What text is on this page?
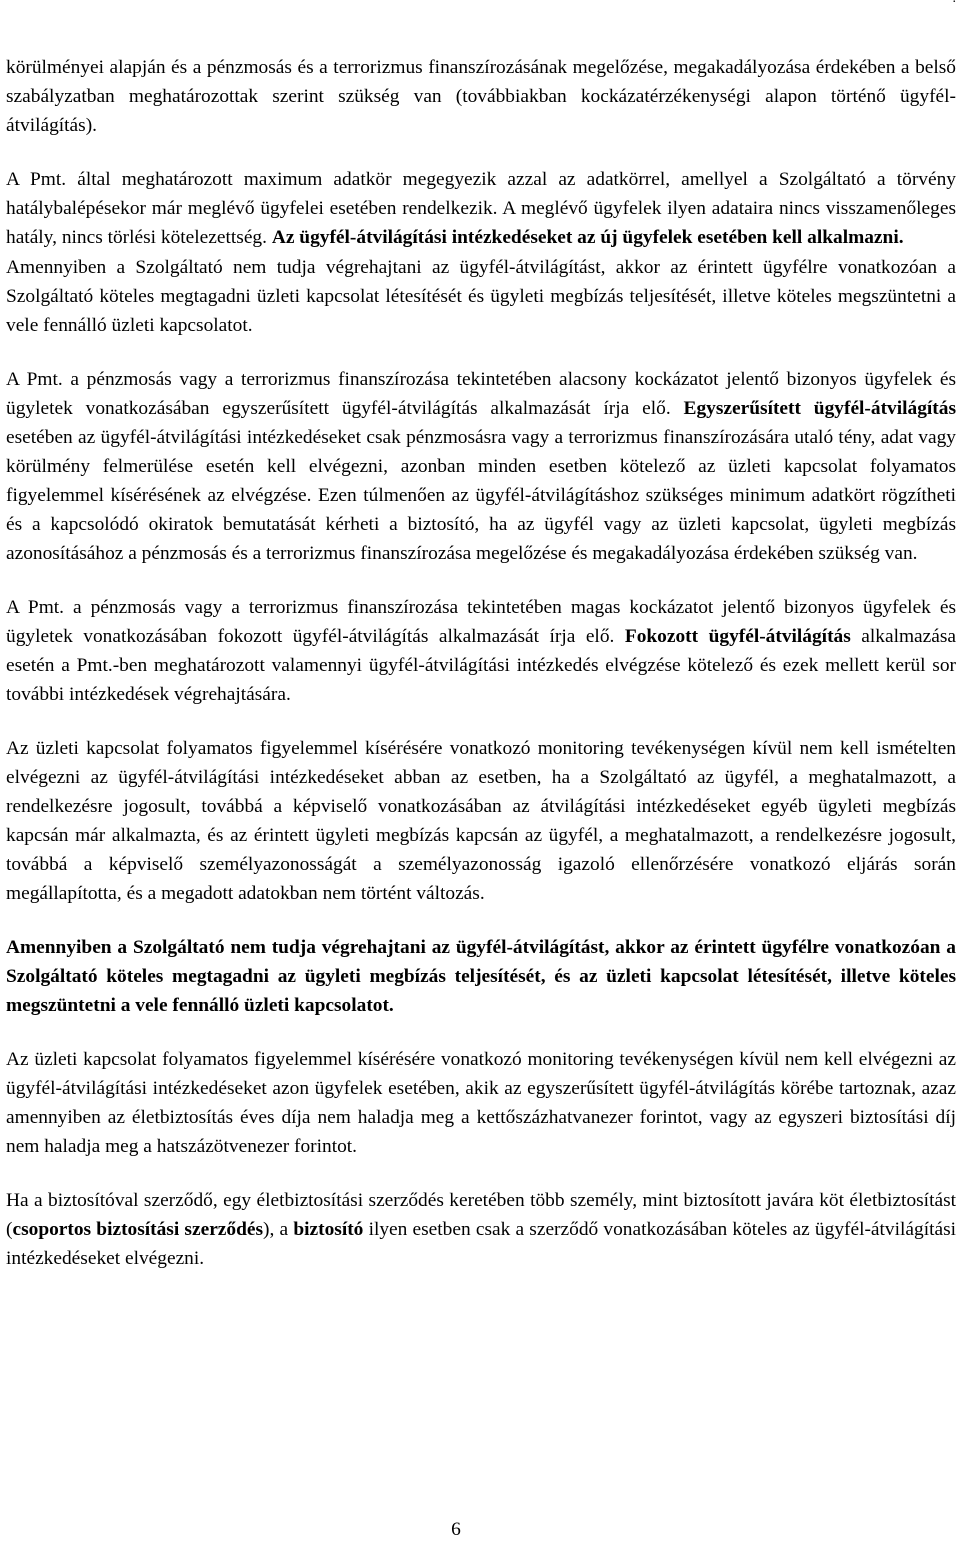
körülményei alapján és a pénzmosás és a terrorizmus finanszírozásának megelőzése, megakadályozása érdekében a belső szabályzatban meghatározottak szerint szükség van (továbbiakban kockázatérzékenységi alapon történő ügyfél-átvilágítás).

A Pmt. által meghatározott maximum adatkör megegyezik azzal az adatkörrel, amellyel a Szolgáltató a törvény hatálybalépésekor már meglévő ügyfelei esetében rendelkezik. A meglévő ügyfelek ilyen adataira nincs visszamenőleges hatály, nincs törlési kötelezettség. Az ügyfél-átvilágítási intézkedéseket az új ügyfelek esetében kell alkalmazni.

Amennyiben a Szolgáltató nem tudja végrehajtani az ügyfél-átvilágítást, akkor az érintett ügyfélre vonatkozóan a Szolgáltató köteles megtagadni üzleti kapcsolat létesítését és ügyleti megbízás teljesítését, illetve köteles megszüntetni a vele fennálló üzleti kapcsolatot.

A Pmt. a pénzmosás vagy a terrorizmus finanszírozása tekintetében alacsony kockázatot jelentő bizonyos ügyfelek és ügyletek vonatkozásában egyszerűsített ügyfél-átvilágítás alkalmazását írja elő. Egyszerűsített ügyfél-átvilágítás esetében az ügyfél-átvilágítási intézkedéseket csak pénzmosásra vagy a terrorizmus finanszírozására utaló tény, adat vagy körülmény felmerülése esetén kell elvégezni, azonban minden esetben kötelező az üzleti kapcsolat folyamatos figyelemmel kísérésének az elvégzése. Ezen túlmenően az ügyfél-átvilágításhoz szükséges minimum adatkört rögzítheti és a kapcsolódó okiratok bemutatását kérheti a biztosító, ha az ügyfél vagy az üzleti kapcsolat, ügyleti megbízás azonosításához a pénzmosás és a terrorizmus finanszírozása megelőzése és megakadályozása érdekében szükség van.

A Pmt. a pénzmosás vagy a terrorizmus finanszírozása tekintetében magas kockázatot jelentő bizonyos ügyfelek és ügyletek vonatkozásában fokozott ügyfél-átvilágítás alkalmazását írja elő. Fokozott ügyfél-átvilágítás alkalmazása esetén a Pmt.-ben meghatározott valamennyi ügyfél-átvilágítási intézkedés elvégzése kötelező és ezek mellett kerül sor további intézkedések végrehajtására.

Az üzleti kapcsolat folyamatos figyelemmel kísérésére vonatkozó monitoring tevékenységen kívül nem kell ismételten elvégezni az ügyfél-átvilágítási intézkedéseket abban az esetben, ha a Szolgáltató az ügyfél, a meghatalmazott, a rendelkezésre jogosult, továbbá a képviselő vonatkozásában az átvilágítási intézkedéseket egyéb ügyleti megbízás kapcsán már alkalmazta, és az érintett ügyleti megbízás kapcsán az ügyfél, a meghatalmazott, a rendelkezésre jogosult, továbbá a képviselő személyazonosságát a személyazonosság igazoló ellenőrzésére vonatkozó eljárás során megállapította, és a megadott adatokban nem történt változás.

Amennyiben a Szolgáltató nem tudja végrehajtani az ügyfél-átvilágítást, akkor az érintett ügyfélre vonatkozóan a Szolgáltató köteles megtagadni az ügyleti megbízás teljesítését, és az üzleti kapcsolat létesítését, illetve köteles megszüntetni a vele fennálló üzleti kapcsolatot.

Az üzleti kapcsolat folyamatos figyelemmel kísérésére vonatkozó monitoring tevékenységen kívül nem kell elvégezni az ügyfél-átvilágítási intézkedéseket azon ügyfelek esetében, akik az egyszerűsített ügyfél-átvilágítás körébe tartoznak, azaz amennyiben az életbiztosítás éves díja nem haladja meg a kettőszázhatvanezer forintot, vagy az egyszeri biztosítási díj nem haladja meg a hatszázötvenezer forintot.

Ha a biztosítóval szerződő, egy életbiztosítási szerződés keretében több személy, mint biztosított javára köt életbiztosítást (csoportos biztosítási szerződés), a biztosító ilyen esetben csak a szerződő vonatkozásában köteles az ügyfél-átvilágítási intézkedéseket elvégezni.

6
